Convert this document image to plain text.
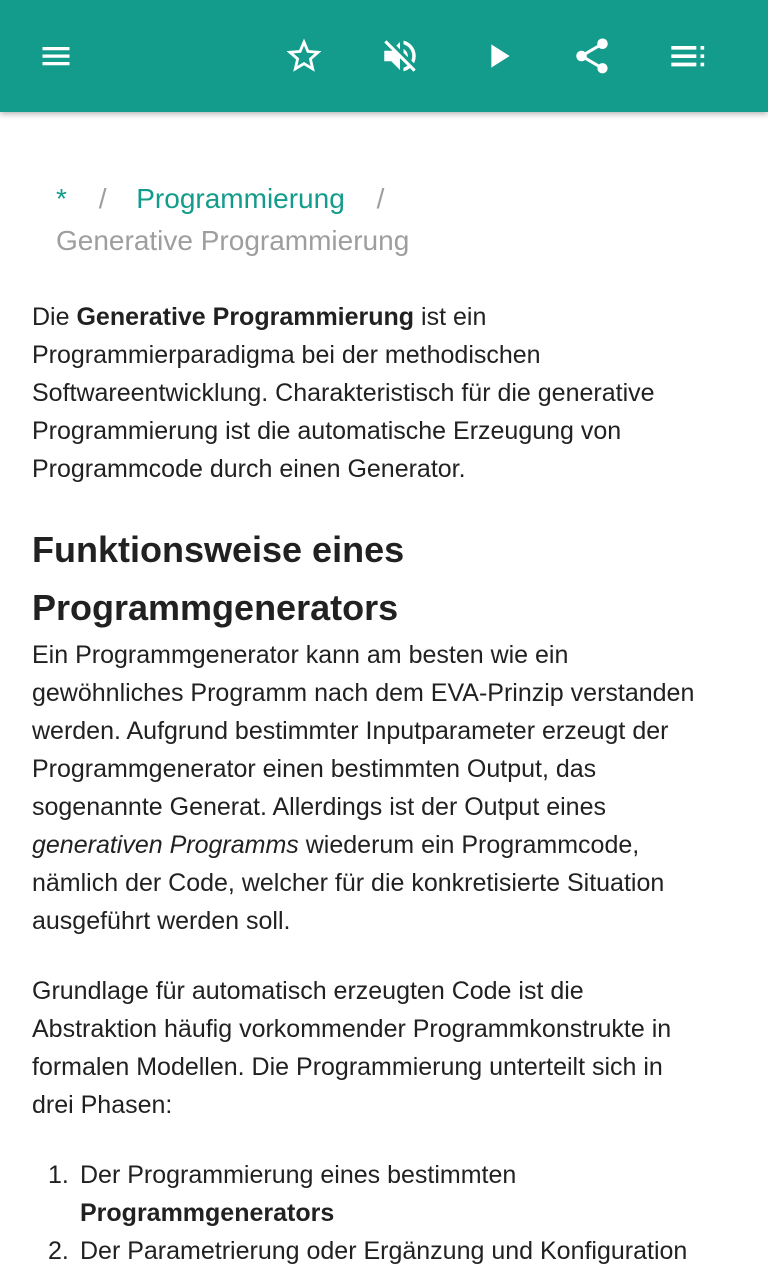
* / Programmierung /
Generative Programmierung

Die Generative Programmierung ist ein
Programmierparadigma bei der methodischen
Softwareentwicklung. Charakteristisch für die generative
Programmierung ist die automatische Erzeugung von
Programmcode durch einen Generator.

Funktionsweise eines
Programmgenerators

Ein Programmgenerator kann am besten wie ein
gewöhnliches Programm nach dem EVA-Prinzip verstanden
werden. Aufgrund bestimmter Inputparameter erzeugt der
Programmgenerator einen bestimmten Output, das
sogenannte Generat. Allerdings ist der Output eines
generativen Programms wiederum ein Programmcode,
nämlich der Code, welcher für die konkretisierte Situation
ausgeführt werden soll.

Grundlage für automatisch erzeugten Code ist die
Abstraktion häufig vorkommender Programmkonstrukte in
formalen Modellen. Die Programmierung unterteilt sich in
drei Phasen:

1. Der Programmierung eines bestimmten
Programmgenerators
2. Der Parametrierung oder Ergänzung und Konfiguration
